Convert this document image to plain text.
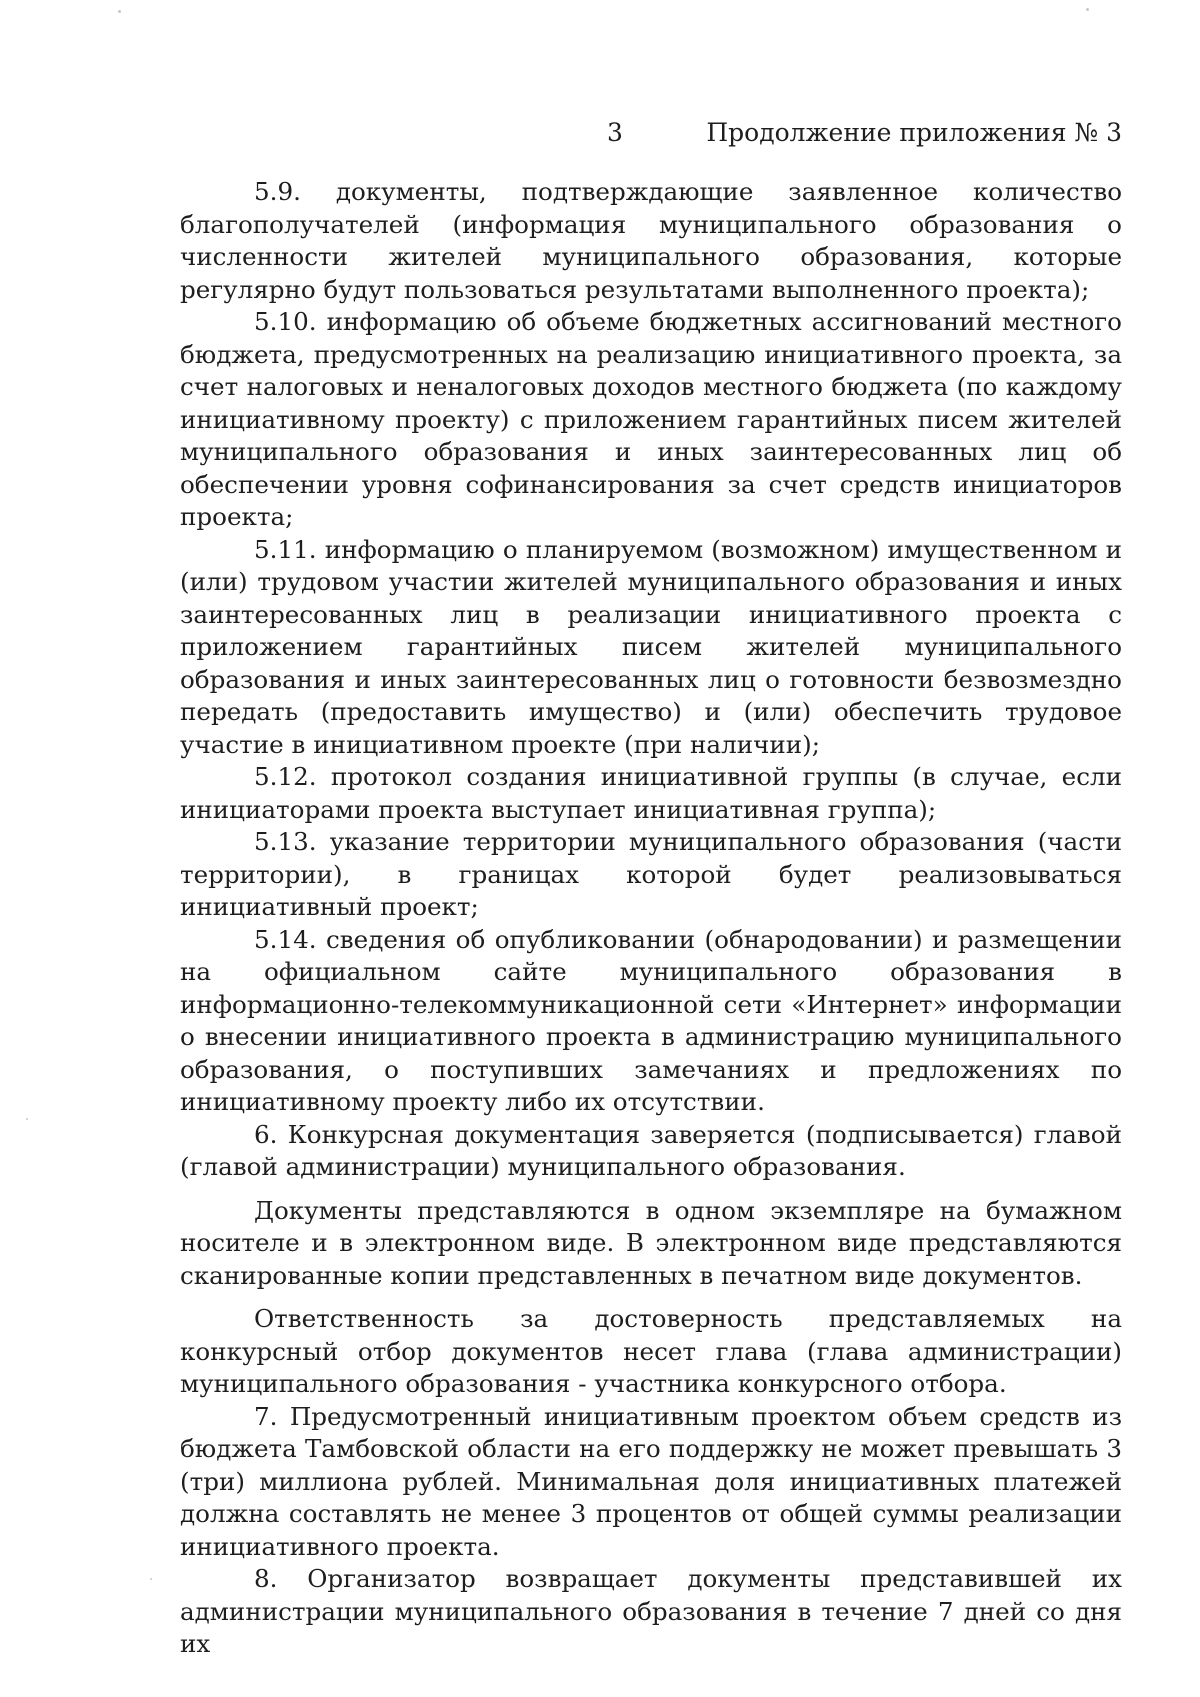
3	Продолжение приложения № 3

5.9. документы, подтверждающие заявленное количество благополучателей (информация муниципального образования о численности жителей муниципального образования, которые регулярно будут пользоваться результатами выполненного проекта);

5.10. информацию об объеме бюджетных ассигнований местного бюджета, предусмотренных на реализацию инициативного проекта, за счет налоговых и неналоговых доходов местного бюджета (по каждому инициативному проекту) с приложением гарантийных писем жителей муниципального образования и иных заинтересованных лиц об обеспечении уровня софинансирования за счет средств инициаторов проекта;

5.11. информацию о планируемом (возможном) имущественном и (или) трудовом участии жителей муниципального образования и иных заинтересованных лиц в реализации инициативного проекта с приложением гарантийных писем жителей муниципального образования и иных заинтересованных лиц о готовности безвозмездно передать (предоставить имущество) и (или) обеспечить трудовое участие в инициативном проекте (при наличии);

5.12. протокол создания инициативной группы (в случае, если инициаторами проекта выступает инициативная группа);

5.13. указание территории муниципального образования (части территории), в границах которой будет реализовываться инициативный проект;

5.14. сведения об опубликовании (обнародовании) и размещении на официальном сайте муниципального образования в информационно-телекоммуникационной сети «Интернет» информации о внесении инициативного проекта в администрацию муниципального образования, о поступивших замечаниях и предложениях по инициативному проекту либо их отсутствии.

6. Конкурсная документация заверяется (подписывается) главой (главой администрации) муниципального образования.

Документы представляются в одном экземпляре на бумажном носителе и в электронном виде. В электронном виде представляются сканированные копии представленных в печатном виде документов.

Ответственность за достоверность представляемых на конкурсный отбор документов несет глава (глава администрации) муниципального образования - участника конкурсного отбора.

7. Предусмотренный инициативным проектом объем средств из бюджета Тамбовской области на его поддержку не может превышать 3 (три) миллиона рублей. Минимальная доля инициативных платежей должна составлять не менее 3 процентов от общей суммы реализации инициативного проекта.

8. Организатор возвращает документы представившей их администрации муниципального образования в течение 7 дней со дня их
